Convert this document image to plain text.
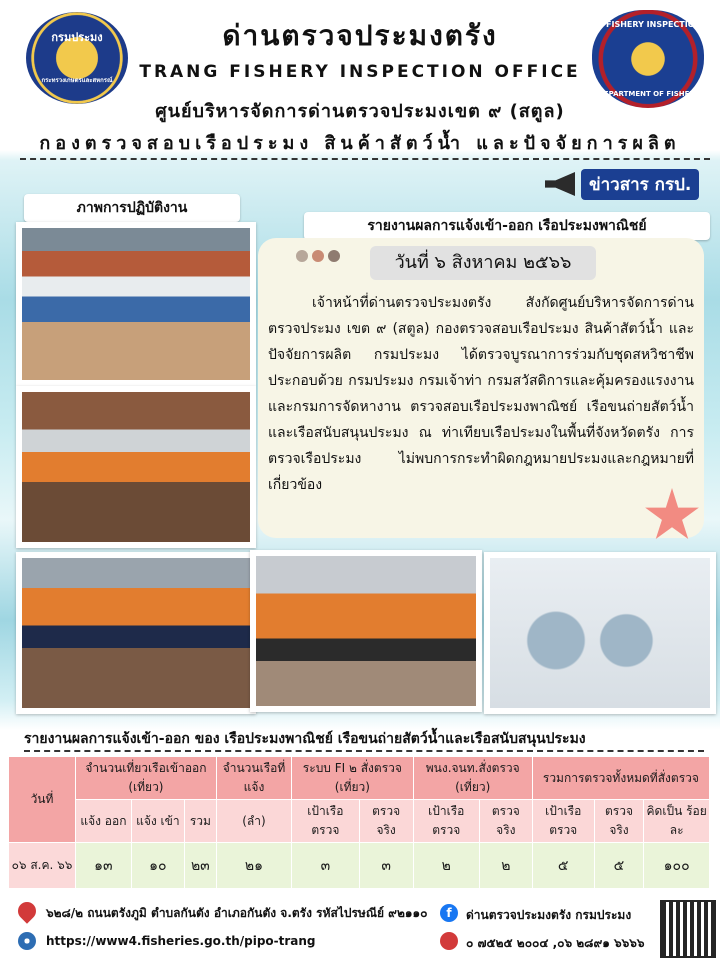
กรมประมง
กระทรวงเกษตรและสหกรณ์
FISHERY INSPECTION
DEPARTMENT OF FISHERIES
ด่านตรวจประมงตรัง
TRANG FISHERY INSPECTION OFFICE
ศูนย์บริหารจัดการด่านตรวจประมงเขต ๙ (สตูล)
กองตรวจสอบเรือประมง สินค้าสัตว์น้ำ และปัจจัยการผลิต
ข่าวสาร กรป.
ภาพการปฏิบัติงาน
รายงานผลการแจ้งเข้า-ออก เรือประมงพาณิชย์
วันที่ ๖ สิงหาคม ๒๕๖๖
เจ้าหน้าที่ด่านตรวจประมงตรัง สังกัดศูนย์บริหารจัดการด่านตรวจประมง เขต ๙ (สตูล) กองตรวจสอบเรือประมง สินค้าสัตว์น้ำ และปัจจัยการผลิต กรมประมง ได้ตรวจบูรณาการร่วมกับชุดสหวิชาชีพ ประกอบด้วย กรมประมง กรมเจ้าท่า กรมสวัสดิการและคุ้มครองแรงงาน และกรมการจัดหางาน ตรวจสอบเรือประมงพาณิชย์ เรือขนถ่ายสัตว์น้ำและเรือสนับสนุนประมง ณ ท่าเทียบเรือประมงในพื้นที่จังหวัดตรัง การตรวจเรือประมง ไม่พบการกระทำผิดกฎหมายประมงและกฎหมายที่เกี่ยวข้อง
รายงานผลการแจ้งเข้า-ออก ของ เรือประมงพาณิชย์ เรือขนถ่ายสัตว์น้ำและเรือสนับสนุนประมง
วันที่	จำนวนเที่ยวเรือเข้าออก (เที่ยว)			จำนวนเรือที่แจ้ง	ระบบ FI ๒ สั่งตรวจ (เที่ยว)		พนง.จนท.สั่งตรวจ (เที่ยว)		รวมการตรวจทั้งหมดที่สั่งตรวจ		
	แจ้ง ออก	แจ้ง เข้า	รวม	(ลำ)	เป้าเรือ ตรวจ	ตรวจ จริง	เป้าเรือ ตรวจ	ตรวจ จริง	เป้าเรือ ตรวจ	ตรวจ จริง	คิดเป็น ร้อยละ
๐๖ ส.ค. ๖๖	๑๓	๑๐	๒๓	๒๑	๓	๓	๒	๒	๕	๕	๑๐๐
๖๒๘/๒ ถนนตรังภูมิ ตำบลกันตัง อำเภอกันตัง จ.ตรัง รหัสไปรษณีย์ ๙๒๑๑๐
https://www4.fisheries.go.th/pipo-trang
f	ด่านตรวจประมงตรัง กรมประมง
๐ ๗๕๒๕ ๒๐๐๔ ,๐๖ ๒๘๙๑ ๖๖๖๖
